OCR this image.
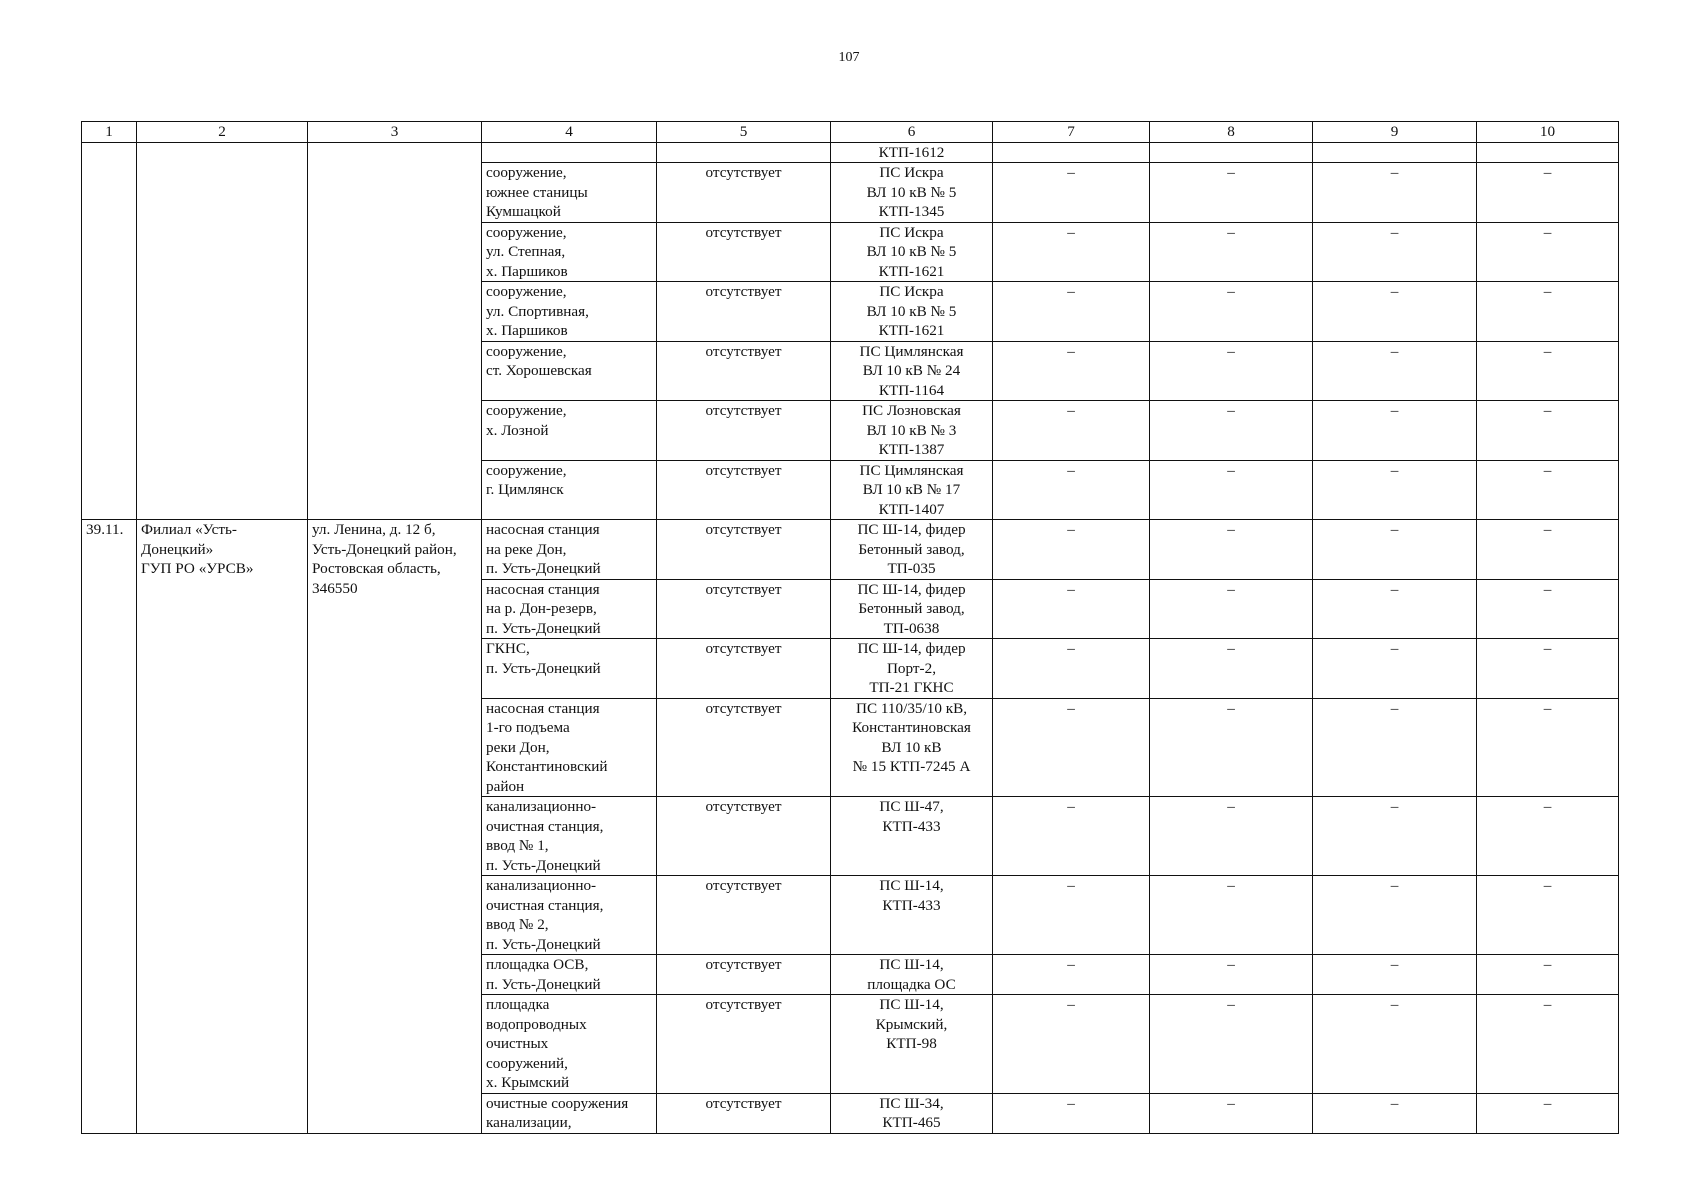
107
1	2	3	4	5	6	7	8	9	10
					КТП-1612				

			сооружение,
южнее станицы
Кумшацкой	отсутствует	ПС Искра
ВЛ 10 кВ № 5
КТП-1345	–	–	–	–

			сооружение,
ул. Степная,
х. Паршиков	отсутствует	ПС Искра
ВЛ 10 кВ № 5
КТП-1621	–	–	–	–

			сооружение,
ул. Спортивная,
х. Паршиков	отсутствует	ПС Искра
ВЛ 10 кВ № 5
КТП-1621	–	–	–	–

			сооружение,
ст. Хорошевская	отсутствует	ПС Цимлянская
ВЛ 10 кВ № 24
КТП-1164	–	–	–	–

			сооружение,
х. Лозной	отсутствует	ПС Лозновская
ВЛ 10 кВ № 3
КТП-1387	–	–	–	–

			сооружение,
г. Цимлянск	отсутствует	ПС Цимлянская
ВЛ 10 кВ № 17
КТП-1407	–	–	–	–
39.11.	Филиал «Усть-
Донецкий»
ГУП РО «УРСВ»	ул. Ленина, д. 12 б,
Усть-Донецкий район,
Ростовская область,
346550	насосная станция
на реке Дон,
п. Усть-Донецкий	отсутствует	ПС Ш-14, фидер
Бетонный завод,
ТП-035	–	–	–	–

			насосная станция
на р. Дон-резерв,
п. Усть-Донецкий	отсутствует	ПС Ш-14, фидер
Бетонный завод,
ТП-0638	–	–	–	–

			ГКНС,
п. Усть-Донецкий	отсутствует	ПС Ш-14, фидер
Порт-2,
ТП-21 ГКНС	–	–	–	–

			насосная станция
1-го подъема
реки Дон,
Константиновский
район	отсутствует	ПС 110/35/10 кВ,
Константиновская
ВЛ 10 кВ
№ 15 КТП-7245 А	–	–	–	–

			канализационно-
очистная станция,
ввод № 1,
п. Усть-Донецкий	отсутствует	ПС Ш-47,
КТП-433	–	–	–	–

			канализационно-
очистная станция,
ввод № 2,
п. Усть-Донецкий	отсутствует	ПС Ш-14,
КТП-433	–	–	–	–

			площадка ОСВ,
п. Усть-Донецкий	отсутствует	ПС Ш-14,
площадка ОС	–	–	–	–

			площадка
водопроводных
очистных
сооружений,
х. Крымский	отсутствует	ПС Ш-14,
Крымский,
КТП-98	–	–	–	–

			очистные сооружения
канализации,	отсутствует	ПС Ш-34,
КТП-465	–	–	–	–
